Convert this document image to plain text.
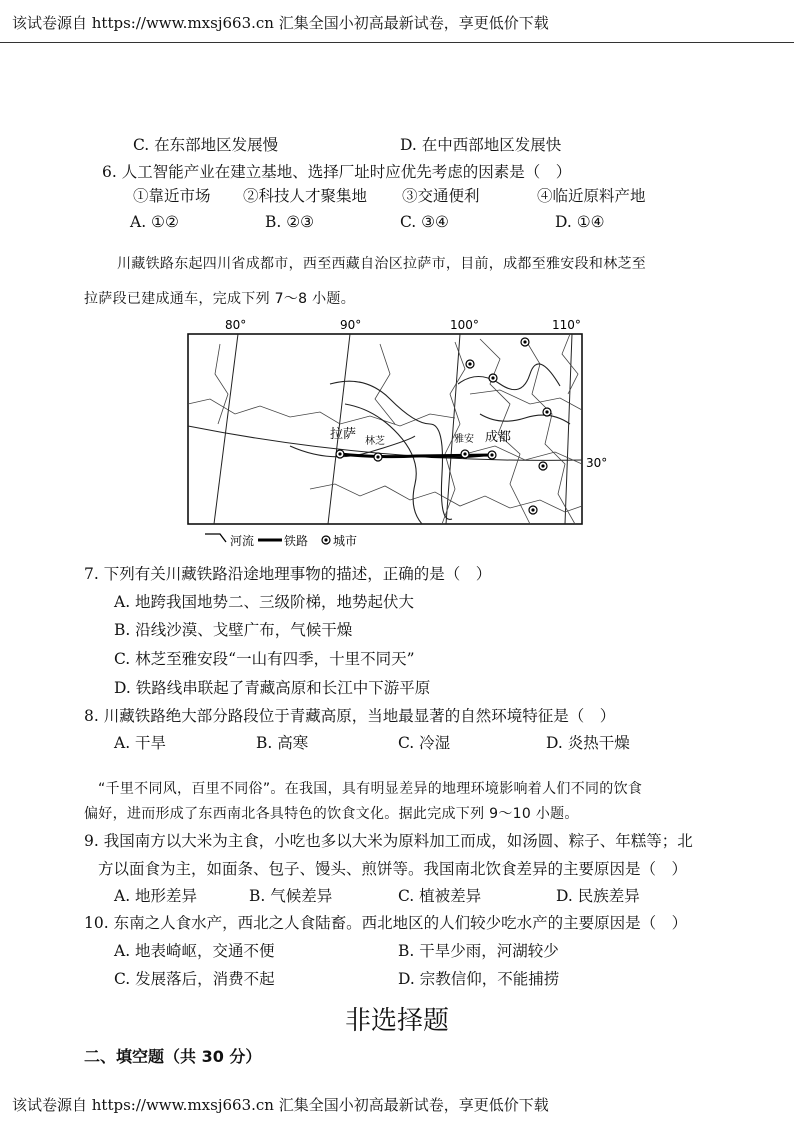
该试卷源自 https://www.mxsj663.cn 汇集全国小初高最新试卷，享更低价下载
C. 在东部地区发展慢	D. 在中西部地区发展快
6. 人工智能产业在建立基地、选择厂址时应优先考虑的因素是（　）
①靠近市场 ②科技人才聚集地 ③交通便利	④临近原料产地
A. ①②	B. ②③	C. ③④	D. ①④
川藏铁路东起四川省成都市，西至西藏自治区拉萨市，目前，成都至雅安段和林芝至
拉萨段已建成通车，完成下列 7～8 小题。
80°	90°	100°	110°
拉萨 林芝	雅安 成都
30°
河流 铁路 城市
7. 下列有关川藏铁路沿途地理事物的描述，正确的是（　）
A. 地跨我国地势二、三级阶梯，地势起伏大
B. 沿线沙漠、戈壁广布，气候干燥
C. 林芝至雅安段“一山有四季，十里不同天”
D. 铁路线串联起了青藏高原和长江中下游平原
8. 川藏铁路绝大部分路段位于青藏高原，当地最显著的自然环境特征是（　）
A. 干旱	B. 高寒	C. 冷湿	D. 炎热干燥
“千里不同风，百里不同俗”。在我国，具有明显差异的地理环境影响着人们不同的饮食
偏好，进而形成了东西南北各具特色的饮食文化。据此完成下列 9～10 小题。
9. 我国南方以大米为主食，小吃也多以大米为原料加工而成，如汤圆、粽子、年糕等；北
方以面食为主，如面条、包子、馒头、煎饼等。我国南北饮食差异的主要原因是（　）
A. 地形差异	B. 气候差异	C. 植被差异	D. 民族差异
10. 东南之人食水产，西北之人食陆畜。西北地区的人们较少吃水产的主要原因是（　）
A. 地表崎岖，交通不便	B. 干旱少雨，河湖较少
C. 发展落后，消费不起	D. 宗教信仰，不能捕捞
非选择题
二、填空题（共 30 分）
该试卷源自 https://www.mxsj663.cn 汇集全国小初高最新试卷，享更低价下载
